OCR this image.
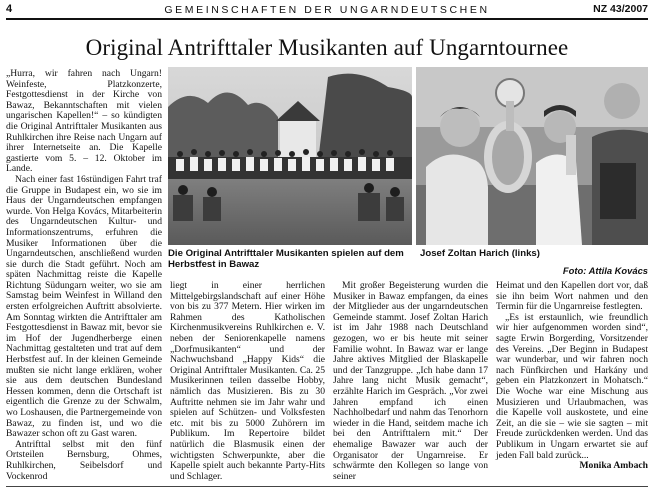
4	GEMEINSCHAFTEN DER UNGARNDEUTSCHEN	NZ 43/2007
Original Antrifttaler Musikanten auf Ungarntournee

„Hurra, wir fahren nach Ungarn! Weinfeste, Platzkonzerte, Festgottesdienst in der Kirche von Bawaz, Bekanntschaften mit vielen ungarischen Kapellen!“ – so kündigten die Original Antrifttaler Musikanten aus Ruhlkirchen ihre Reise nach Ungarn auf ihrer Internetseite an. Die Kapelle gastierte vom 5. – 12. Oktober im Lande.

Nach einer fast 16stündigen Fahrt traf die Gruppe in Budapest ein, wo sie im Haus der Ungarndeutschen empfangen wurde. Von Helga Kovács, Mitarbeiterin des Ungarndeutschen Kultur- und Informationszentrums, erfuhren die Musiker Informationen über die Ungarndeutschen, anschließend wurden sie durch die Stadt geführt. Noch am späten Nachmittag reiste die Kapelle Richtung Südungarn weiter, wo sie am Samstag beim Weinfest in Willand den ersten erfolgreichen Auftritt absolvierte. Am Sonntag wirkten die Antrifttaler am Festgottesdienst in Bawaz mit, bevor sie im Hof der Jugendherberge einen Nachmittag gestalteten und trat auf dem Herbstfest auf. In der kleinen Gemeinde mußten sie nicht lange erklären, woher sie aus dem deutschen Bundesland Hessen kommen, denn die Ortschaft ist eigentlich die Grenze zu der Schwalm, wo Loshausen, die Partnergemeinde von Bawaz, zu finden ist, und wo die Bawazer schon oft zu Gast waren.

Antrifttal selbst mit den fünf Ortsteilen Bernsburg, Ohmes, Ruhlkirchen, Seibelsdorf und Vockenrod

Die Original Antrifttaler Musikanten spielen auf dem Herbstfest in Bawaz
Josef Zoltan Harich (links)
Foto: Attila Kovács

liegt in einer herrlichen Mittelgebirgslandschaft auf einer Höhe von bis zu 377 Metern. Hier wirken im Rahmen des Katholischen Kirchenmusikvereins Ruhlkirchen e. V. neben der Seniorenkapelle namens „Dorfmusikanten“ und der Nachwuchsband „Happy Kids“ die Original Antrifttaler Musikanten. Ca. 25 Musikerinnen teilen dasselbe Hobby, nämlich das Musizieren. Bis zu 30 Auftritte nehmen sie im Jahr wahr und spielen auf Schützen- und Volksfesten etc. mit bis zu 5000 Zuhörern im Publikum. Im Repertoire bildet natürlich die Blasmusik einen der wichtigsten Schwerpunkte, aber die Kapelle spielt auch bekannte Party-Hits und Schlager.

Mit großer Begeisterung wurden die Musiker in Bawaz empfangen, da eines der Mitglieder aus der ungarndeutschen Gemeinde stammt. Josef Zoltan Harich ist im Jahr 1988 nach Deutschland gezogen, wo er bis heute mit seiner Familie wohnt. In Bawaz war er lange Jahre aktives Mitglied der Blaskapelle und der Tanzgruppe. „Ich habe dann 17 Jahre lang nicht Musik gemacht“, erzählte Harich im Gespräch. „Vor zwei Jahren empfand ich einen Nachholbedarf und nahm das Tenorhorn wieder in die Hand, seitdem mache ich bei den Antrifttalern mit.“ Der ehemalige Bawazer war auch der Organisator der Ungarnreise. Er schwärmte den Kollegen so lange von seiner

Heimat und den Kapellen dort vor, daß sie ihn beim Wort nahmen und den Termin für die Ungarnreise festlegten.

„Es ist erstaunlich, wie freundlich wir hier aufgenommen worden sind“, sagte Erwin Borgerding, Vorsitzender des Vereins. „Der Beginn in Budapest war wunderbar, und wir fahren noch nach Fünfkirchen und Harkány und geben ein Platzkonzert in Mohatsch.“ Die Woche war eine Mischung aus Musizieren und Urlaubmachen, was die Kapelle voll auskostete, und eine Zeit, an die sie – wie sie sagten – mit Freude zurückdenken werden. Und das Publikum in Ungarn erwartet sie auf jeden Fall bald zurück...

Monika Ambach
